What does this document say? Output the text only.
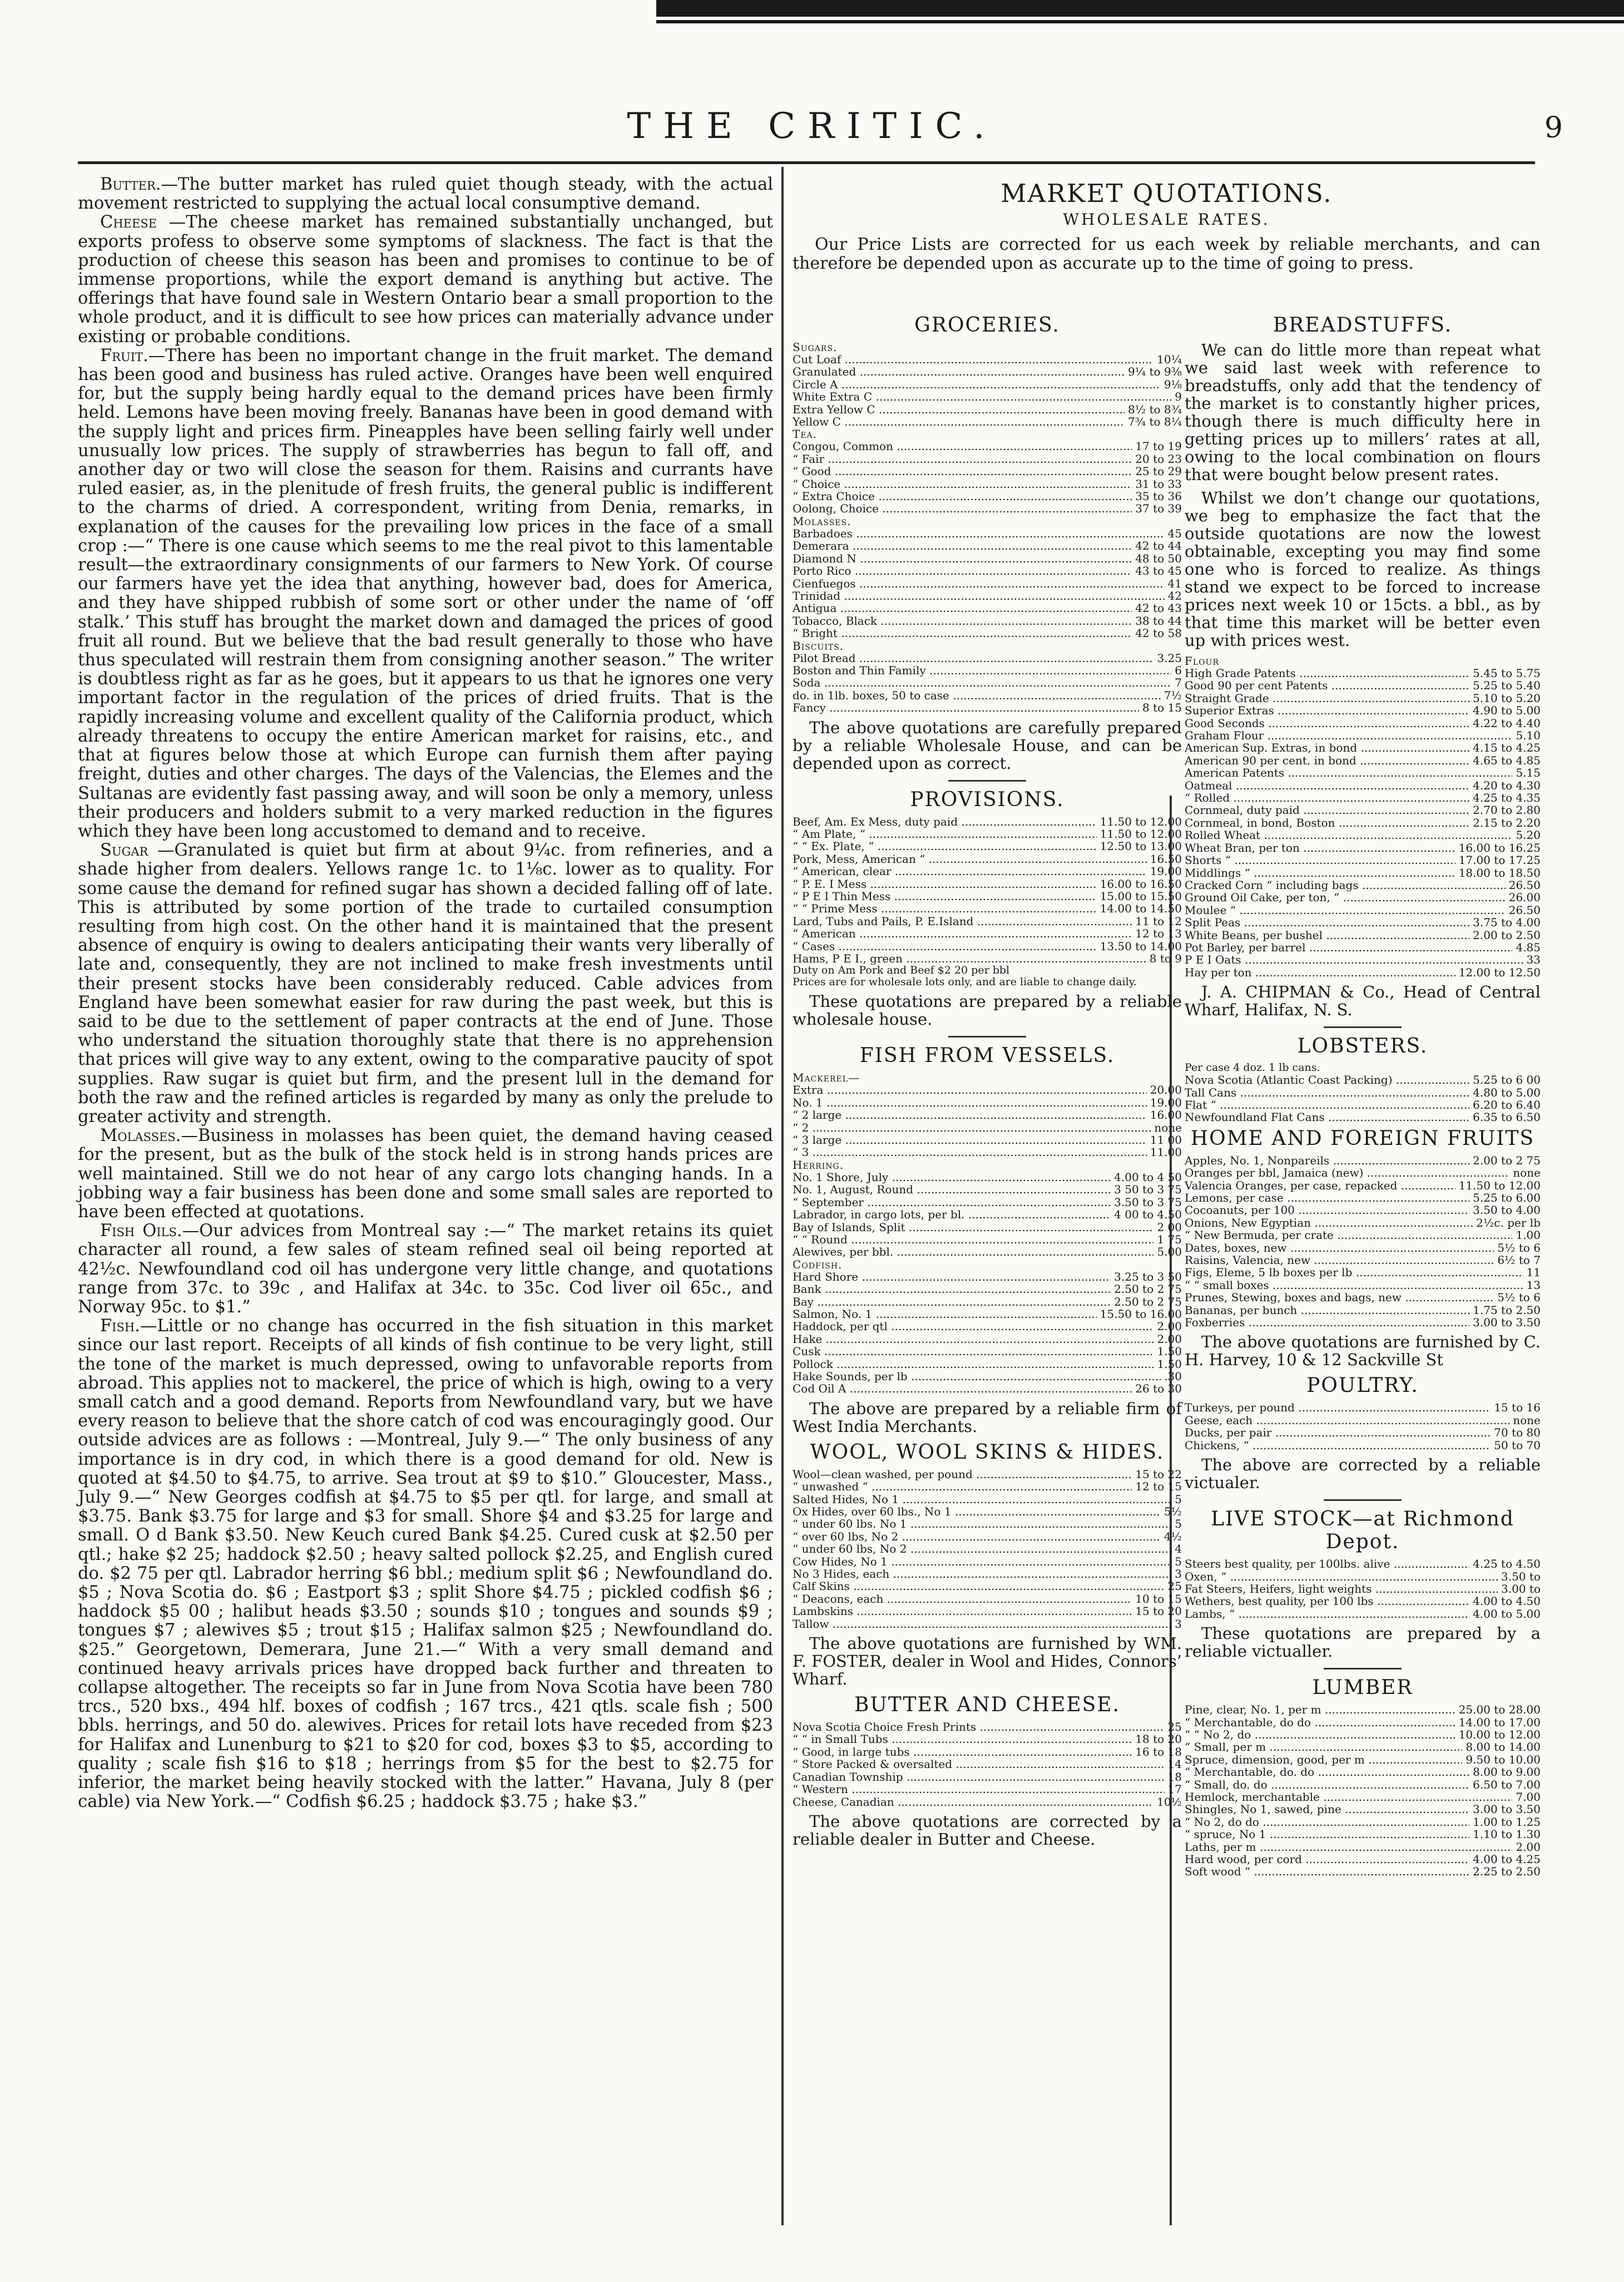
THE CRITIC.	9

Butter.—The butter market has ruled quiet though steady, with the actual movement restricted to supplying the actual local consumptive demand.

Cheese —The cheese market has remained substantially unchanged, but exports profess to observe some symptoms of slackness. The fact is that the production of cheese this season has been and promises to continue to be of immense proportions, while the export demand is anything but active. The offerings that have found sale in Western Ontario bear a small proportion to the whole product, and it is difficult to see how prices can materially advance under existing or probable conditions.

Fruit.—There has been no important change in the fruit market. The demand has been good and business has ruled active. Oranges have been well enquired for, but the supply being hardly equal to the demand prices have been firmly held. Lemons have been moving freely. Bananas have been in good demand with the supply light and prices firm. Pineapples have been selling fairly well under unusually low prices. The supply of strawberries has begun to fall off, and another day or two will close the season for them. Raisins and currants have ruled easier, as, in the plenitude of fresh fruits, the general public is indifferent to the charms of dried. A correspondent, writing from Denia, remarks, in explanation of the causes for the prevailing low prices in the face of a small crop :—“ There is one cause which seems to me the real pivot to this lamentable result—the extraordinary consignments of our farmers to New York. Of course our farmers have yet the idea that anything, however bad, does for America, and they have shipped rubbish of some sort or other under the name of ‘off stalk.’ This stuff has brought the market down and damaged the prices of good fruit all round. But we believe that the bad result generally to those who have thus speculated will restrain them from consigning another season.” The writer is doubtless right as far as he goes, but it appears to us that he ignores one very important factor in the regulation of the prices of dried fruits. That is the rapidly increasing volume and excellent quality of the California product, which already threatens to occupy the entire American market for raisins, etc., and that at figures below those at which Europe can furnish them after paying freight, duties and other charges. The days of the Valencias, the Elemes and the Sultanas are evidently fast passing away, and will soon be only a memory, unless their producers and holders submit to a very marked reduction in the figures which they have been long accustomed to demand and to receive.

Sugar —Granulated is quiet but firm at about 9¼c. from refineries, and a shade higher from dealers. Yellows range 1c. to 1⅛c. lower as to quality. For some cause the demand for refined sugar has shown a decided falling off of late. This is attributed by some portion of the trade to curtailed consumption resulting from high cost. On the other hand it is maintained that the present absence of enquiry is owing to dealers anticipating their wants very liberally of late and, consequently, they are not inclined to make fresh investments until their present stocks have been considerably reduced. Cable advices from England have been somewhat easier for raw during the past week, but this is said to be due to the settlement of paper contracts at the end of June. Those who understand the situation thoroughly state that there is no apprehension that prices will give way to any extent, owing to the comparative paucity of spot supplies. Raw sugar is quiet but firm, and the present lull in the demand for both the raw and the refined articles is regarded by many as only the prelude to greater activity and strength.

Molasses.—Business in molasses has been quiet, the demand having ceased for the present, but as the bulk of the stock held is in strong hands prices are well maintained. Still we do not hear of any cargo lots changing hands. In a jobbing way a fair business has been done and some small sales are reported to have been effected at quotations.

Fish Oils.—Our advices from Montreal say :—“ The market retains its quiet character all round, a few sales of steam refined seal oil being reported at 42½c. Newfoundland cod oil has undergone very little change, and quotations range from 37c. to 39c , and Halifax at 34c. to 35c. Cod liver oil 65c., and Norway 95c. to $1.”

Fish.—Little or no change has occurred in the fish situation in this market since our last report. Receipts of all kinds of fish continue to be very light, still the tone of the market is much depressed, owing to unfavorable reports from abroad. This applies not to mackerel, the price of which is high, owing to a very small catch and a good demand. Reports from Newfoundland vary, but we have every reason to believe that the shore catch of cod was encouragingly good. Our outside advices are as follows : —Montreal, July 9.—“ The only business of any importance is in dry cod, in which there is a good demand for old. New is quoted at $4.50 to $4.75, to arrive. Sea trout at $9 to $10.” Gloucester, Mass., July 9.—“ New Georges codfish at $4.75 to $5 per qtl. for large, and small at $3.75. Bank $3.75 for large and $3 for small. Shore $4 and $3.25 for large and small. O d Bank $3.50. New Keuch cured Bank $4.25. Cured cusk at $2.50 per qtl.; hake $2 25; haddock $2.50 ; heavy salted pollock $2.25, and English cured do. $2 75 per qtl. Labrador herring $6 bbl.; medium split $6 ; Newfoundland do. $5 ; Nova Scotia do. $6 ; Eastport $3 ; split Shore $4.75 ; pickled codfish $6 ; haddock $5 00 ; halibut heads $3.50 ; sounds $10 ; tongues and sounds $9 ; tongues $7 ; alewives $5 ; trout $15 ; Halifax salmon $25 ; Newfoundland do. $25.” Georgetown, Demerara, June 21.—“ With a very small demand and continued heavy arrivals prices have dropped back further and threaten to collapse altogether. The receipts so far in June from Nova Scotia have been 780 trcs., 520 bxs., 494 hlf. boxes of codfish ; 167 trcs., 421 qtls. scale fish ; 500 bbls. herrings, and 50 do. alewives. Prices for retail lots have receded from $23 for Halifax and Lunenburg to $21 to $20 for cod, boxes $3 to $5, according to quality ; scale fish $16 to $18 ; herrings from $5 for the best to $2.75 for inferior, the market being heavily stocked with the latter.” Havana, July 8 (per cable) via New York.—“ Codfish $6.25 ; haddock $3.75 ; hake $3.”

MARKET QUOTATIONS.
WHOLESALE RATES.

Our Price Lists are corrected for us each week by reliable merchants, and can therefore be depended upon as accurate up to the time of going to press.

GROCERIES.
Sugars.
Cut Loaf .....	10¼
Granulated .....	9¼ to 9⅜
Circle A .....	9⅛
White Extra C .....	9
Extra Yellow C .....	8½ to 8¾
Yellow C .....	7¾ to 8¼
Tea.
Congou, Common .....	17 to 19
“ Fair .....	20 to 23
“ Good .....	25 to 29
“ Choice .....	31 to 33
“ Extra Choice .....	35 to 36
Oolong, Choice .....	37 to 39
Molasses.
Barbadoes .....	45
Demerara .....	42 to 44
Diamond N .....	48 to 50
Porto Rico .....	43 to 45
Cienfuegos .....	41
Trinidad .....	42
Antigua .....	42 to 43
Tobacco, Black .....	38 to 44
“ Bright .....	42 to 58
Biscuits.
Pilot Bread .....	3.25
Boston and Thin Family .....	6
Soda .....	7
do. in 1lb. boxes, 50 to case .....	7½
Fancy .....	8 to 15

The above quotations are carefully prepared by a reliable Wholesale House, and can be depended upon as correct.

PROVISIONS.
Beef, Am. Ex Mess, duty paid .....	11.50 to 12.00
“ Am Plate, “ .....	11.50 to 12.00
“ “ Ex. Plate, “ .....	12.50 to 13.00
Pork, Mess, American “ .....	16.50
“ American, clear .....	19.00
“ P. E. I Mess .....	16.00 to 16.50
“ P E I Thin Mess .....	15.00 to 15.50
“ “ Prime Mess .....	14.00 to 14.50
Lard, Tubs and Pails, P. E.Island .....	11 to 12
“ American .....	12 to 13
“ Cases .....	13.50 to 14.00
Hams, P E I., green .....	8 to 9
Duty on Am Pork and Beef $2 20 per bbl
Prices are for wholesale lots only, and are liable to change daily.

These quotations are prepared by a reliable wholesale house.

FISH FROM VESSELS.
Mackerel—
Extra .....	20.00
No. 1 .....	19.00
“ 2 large .....	16.00
“ 2 .....	none
“ 3 large .....	11 00
“ 3 .....	11.00
Herring.
No. 1 Shore, July .....	4.00 to 4 50
No. 1, August, Round .....	3 50 to 3 75
“ September .....	3.50 to 3 75
Labrador, in cargo lots, per bl. .....	4 00 to 4.50
Bay of Islands, Split .....	2 00
“ “ Round .....	1 75
Alewives, per bbl. .....	5.00
Codfish.
Hard Shore .....	3.25 to 3 50
Bank .....	2.50 to 2 75
Bay .....	2.50 to 2 75
Salmon, No. 1 .....	15.50 to 16.00
Haddock, per qtl .....	2.00
Hake .....	2.00
Cusk .....	1.50
Pollock .....	1.50
Hake Sounds, per lb .....	.30
Cod Oil A .....	26 to 30

The above are prepared by a reliable firm of West India Merchants.

WOOL, WOOL SKINS & HIDES.
Wool—clean washed, per pound .....	15 to 22
“ unwashed “ .....	12 to 15
Salted Hides, No 1 .....	5
Ox Hides, over 60 lbs., No 1 .....	5½
“ under 60 lbs. No 1 .....	5
“ over 60 lbs, No 2 .....	4½
“ under 60 lbs, No 2 .....	4
Cow Hides, No 1 .....	5
No 3 Hides, each .....	3
Calf Skins .....	25
“ Deacons, each .....	10 to 15
Lambskins .....	15 to 20
Tallow .....	3

The above quotations are furnished by WM. F. FOSTER, dealer in Wool and Hides, Connors’ Wharf.

BUTTER AND CHEESE.
Nova Scotia Choice Fresh Prints .....	25
“ “ in Small Tubs .....	18 to 20
“ Good, in large tubs .....	16 to 18
“ Store Packed & oversalted .....	14
Canadian Township .....	18
“ Western .....	17
Cheese, Canadian .....	10½

The above quotations are corrected by a reliable dealer in Butter and Cheese.

BREADSTUFFS.

We can do little more than repeat what we said last week with reference to breadstuffs, only add that the tendency of the market is to constantly higher prices, though there is much difficulty here in getting prices up to millers’ rates at all, owing to the local combination on flours that were bought below present rates.

Whilst we don’t change our quotations, we beg to emphasize the fact that the outside quotations are now the lowest obtainable, excepting you may find some one who is forced to realize. As things stand we expect to be forced to increase prices next week 10 or 15cts. a bbl., as by that time this market will be better even up with prices west.

Flour
High Grade Patents .....	5.45 to 5.75
Good 90 per cent Patents .....	5.25 to 5.40
Straight Grade .....	5.10 to 5.20
Superior Extras .....	4.90 to 5.00
Good Seconds .....	4.22 to 4.40
Graham Flour .....	5.10
American Sup. Extras, in bond .....	4.15 to 4.25
American 90 per cent. in bond .....	4.65 to 4.85
American Patents .....	5.15
Oatmeal .....	4.20 to 4.30
“ Rolled .....	4.25 to 4.35
Cornmeal, duty paid .....	2.70 to 2.80
Cornmeal, in bond, Boston .....	2.15 to 2.20
Rolled Wheat .....	5.20
Wheat Bran, per ton .....	16.00 to 16.25
Shorts “ .....	17.00 to 17.25
Middlings “ .....	18.00 to 18.50
Cracked Corn “ including bags .....	26.50
Ground Oil Cake, per ton, “ .....	26.00
Moulee “ .....	26.50
Split Peas .....	3.75 to 4.00
White Beans, per bushel .....	2.00 to 2.50
Pot Barley, per barrel .....	4.85
P E I Oats .....	33
Hay per ton .....	12.00 to 12.50

J. A. CHIPMAN & Co., Head of Central Wharf, Halifax, N. S.

LOBSTERS.
Per case 4 doz. 1 lb cans.
Nova Scotia (Atlantic Coast Packing) .....	5.25 to 6 00
Tall Cans .....	4.80 to 5.00
Flat “ .....	6.20 to 6.40
Newfoundland Flat Cans .....	6.35 to 6.50
HOME AND FOREIGN FRUITS
Apples, No. 1, Nonpareils .....	2.00 to 2 75
Oranges per bbl, Jamaica (new) .....	none
Valencia Oranges, per case, repacked .....	11.50 to 12.00
Lemons, per case .....	5.25 to 6.00
Cocoanuts, per 100 .....	3.50 to 4.00
Onions, New Egyptian .....	2½c. per lb
“ New Bermuda, per crate .....	1.00
Dates, boxes, new .....	5½ to 6
Raisins, Valencia, new .....	6½ to 7
Figs, Eleme, 5 lb boxes per lb .....	11
“ “ small boxes .....	13
Prunes, Stewing, boxes and bags, new .....	5½ to 6
Bananas, per bunch .....	1.75 to 2.50
Foxberries .....	3.00 to 3.50

The above quotations are furnished by C. H. Harvey, 10 & 12 Sackville St

POULTRY.
Turkeys, per pound .....	15 to 16
Geese, each .....	none
Ducks, per pair .....	70 to 80
Chickens, “ .....	50 to 70

The above are corrected by a reliable victualer.

LIVE STOCK—at Richmond Depot.
Steers best quality, per 100lbs. alive .....	4.25 to 4.50
Oxen, “ .....	3.50 to
Fat Steers, Heifers, light weights .....	3.00 to
Wethers, best quality, per 100 lbs .....	4.00 to 4.50
Lambs, “ .....	4.00 to 5.00

These quotations are prepared by a reliable victualler.

LUMBER
Pine, clear, No. 1, per m .....	25.00 to 28.00
“ Merchantable, do do .....	14.00 to 17.00
“ “ No 2, do .....	10.00 to 12.00
“ Small, per m .....	8.00 to 14.00
Spruce, dimension, good, per m .....	9.50 to 10.00
“ Merchantable, do. do .....	8.00 to 9.00
“ Small, do. do .....	6.50 to 7.00
Hemlock, merchantable .....	7.00
Shingles, No 1, sawed, pine .....	3.00 to 3.50
“ No 2, do do .....	1.00 to 1.25
“ spruce, No 1 .....	1.10 to 1.30
Laths, per m .....	2.00
Hard wood, per cord .....	4.00 to 4.25
Soft wood “ .....	2.25 to 2.50
